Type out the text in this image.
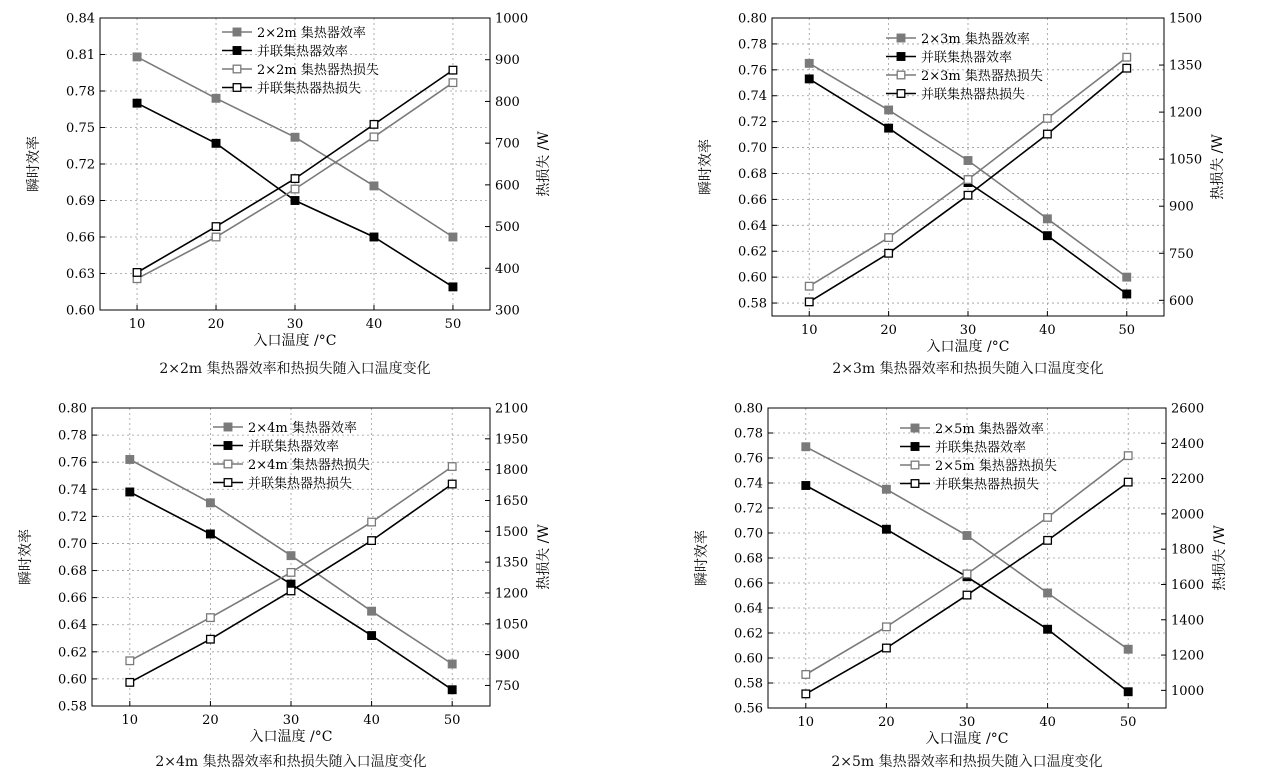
0.60
0.63
0.66
0.69
0.72
0.75
0.78
0.81
0.84
300
400
500
600
700
800
900
1000
10	20	30	40	50
入口温度 /°C
瞬时效率	热损失 /W
2×2m 集热器效率
并联集热器效率
2×2m 集热器热损失
并联集热器热损失
0.58
0.60
0.62
0.64
0.66
0.68
0.70
0.72
0.74
0.76
0.78
0.80
600
750
900
1050
1200
1350
1500
10	20	30	40	50
入口温度 /°C
瞬时效率	热损失 /W
2×3m 集热器效率
并联集热器效率
2×3m 集热器热损失
并联集热器热损失
0.58
0.60
0.62
0.64
0.66
0.68
0.70
0.72
0.74
0.76
0.78
0.80
750
900
1050
1200
1350
1500
1650
1800
1950
2100
10	20	30	40	50
入口温度 /°C
瞬时效率	热损失 /W
2×4m 集热器效率
并联集热器效率
2×4m 集热器热损失
并联集热器热损失
0.56
0.58
0.60
0.62
0.64
0.66
0.68
0.70
0.72
0.74
0.76
0.78
0.80
1000
1200
1400
1600
1800
2000
2200
2400
2600
10	20	30	40	50
入口温度 /°C
瞬时效率	热损失 /W
2×5m 集热器效率
并联集热器效率
2×5m 集热器热损失
并联集热器热损失
2×2m 集热器效率和热损失随入口温度变化	2×3m 集热器效率和热损失随入口温度变化
2×4m 集热器效率和热损失随入口温度变化	2×5m 集热器效率和热损失随入口温度变化
